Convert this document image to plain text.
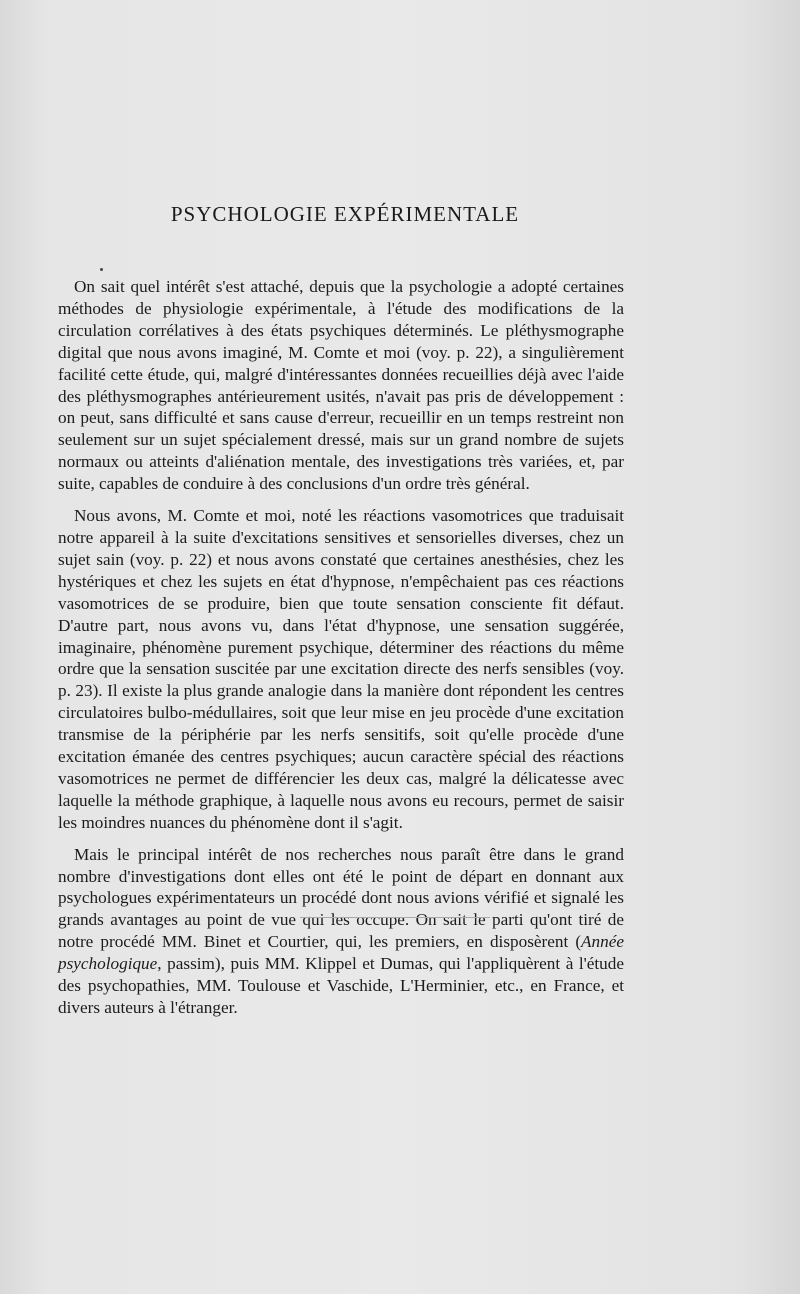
PSYCHOLOGIE EXPÉRIMENTALE

On sait quel intérêt s'est attaché, depuis que la psychologie a adopté certaines méthodes de physiologie expérimentale, à l'étude des modifications de la circulation corrélatives à des états psychiques déterminés. Le pléthysmographe digital que nous avons imaginé, M. Comte et moi (voy. p. 22), a singulièrement facilité cette étude, qui, malgré d'intéressantes données recueillies déjà avec l'aide des pléthysmographes antérieurement usités, n'avait pas pris de développement : on peut, sans difficulté et sans cause d'erreur, recueillir en un temps restreint non seulement sur un sujet spécialement dressé, mais sur un grand nombre de sujets normaux ou atteints d'aliénation mentale, des investigations très variées, et, par suite, capables de conduire à des conclusions d'un ordre très général.

Nous avons, M. Comte et moi, noté les réactions vasomotrices que traduisait notre appareil à la suite d'excitations sensitives et sensorielles diverses, chez un sujet sain (voy. p. 22) et nous avons constaté que certaines anesthésies, chez les hystériques et chez les sujets en état d'hypnose, n'empêchaient pas ces réactions vasomotrices de se produire, bien que toute sensation consciente fit défaut. D'autre part, nous avons vu, dans l'état d'hypnose, une sensation suggérée, imaginaire, phénomène purement psychique, déterminer des réactions du même ordre que la sensation suscitée par une excitation directe des nerfs sensibles (voy. p. 23). Il existe la plus grande analogie dans la manière dont répondent les centres circulatoires bulbo-médullaires, soit que leur mise en jeu procède d'une excitation transmise de la périphérie par les nerfs sensitifs, soit qu'elle procède d'une excitation émanée des centres psychiques; aucun caractère spécial des réactions vasomotrices ne permet de différencier les deux cas, malgré la délicatesse avec laquelle la méthode graphique, à laquelle nous avons eu recours, permet de saisir les moindres nuances du phénomène dont il s'agit.

Mais le principal intérêt de nos recherches nous paraît être dans le grand nombre d'investigations dont elles ont été le point de départ en donnant aux psychologues expérimentateurs un procédé dont nous avions vérifié et signalé les grands avantages au point de vue qui les occupe. On sait le parti qu'ont tiré de notre procédé MM. Binet et Courtier, qui, les premiers, en disposèrent (Année psychologique, passim), puis MM. Klippel et Dumas, qui l'appliquèrent à l'étude des psychopathies, MM. Toulouse et Vaschide, L'Herminier, etc., en France, et divers auteurs à l'étranger.
